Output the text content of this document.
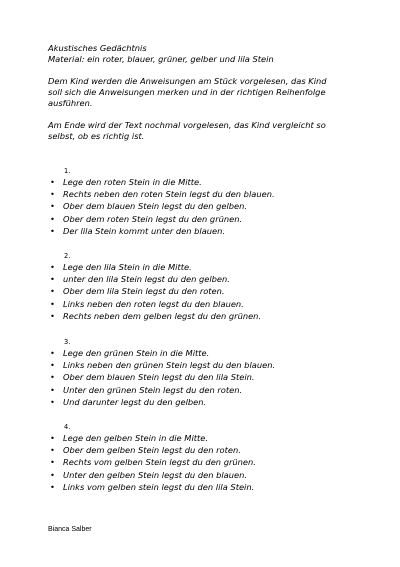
Akustisches Gedächtnis

Material: ein roter, blauer, grüner, gelber und lila Stein

Dem Kind werden die Anweisungen am Stück vorgelesen, das Kind

soll sich die Anweisungen merken und in der richtigen Reihenfolge

ausführen.

Am Ende wird der Text nochmal vorgelesen, das Kind vergleicht so

selbst, ob es richtig ist.

1.
• Lege den roten Stein in die Mitte.
• Rechts neben den roten Stein legst du den blauen.
• Ober dem blauen Stein legst du den gelben.
• Ober dem roten Stein legst du den grünen.
• Der lila Stein kommt unter den blauen.
2.
• Lege den lila Stein in die Mitte.
• unter den lila Stein legst du den gelben.
• Ober dem lila Stein legst du den roten.
• Links neben den roten legst du den blauen.
• Rechts neben dem gelben legst du den grünen.
3.
• Lege den grünen Stein in die Mitte.
• Links neben den grünen Stein legst du den blauen.
• Ober dem blauen Stein legst du den lila Stein.
• Unter den grünen Stein legst du den roten.
• Und darunter legst du den gelben.
4.
• Lege den gelben Stein in die Mitte.
• Ober dem gelben Stein legst du den roten.
• Rechts vom gelben Stein legst du den grünen.
• Unter den gelben Stein legst du den blauen.
• Links vom gelben stein legst du den lila Stein.
Bianca Salber
